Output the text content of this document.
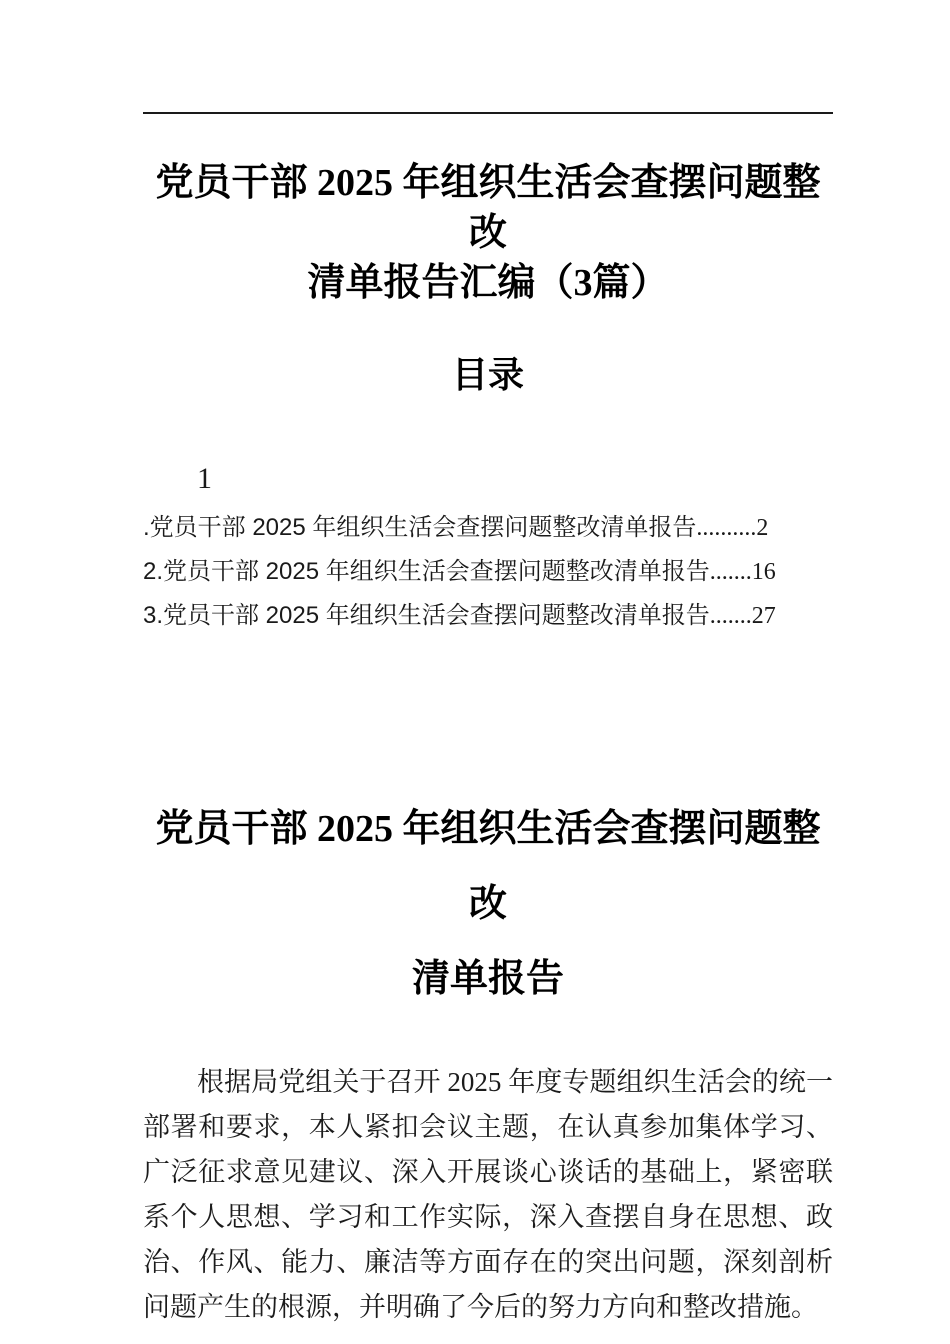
党员干部 2025 年组织生活会查摆问题整改
清单报告汇编（3篇）
目录
1
.党员干部 2025 年组织生活会查摆问题整改清单报告..........2
2.党员干部 2025 年组织生活会查摆问题整改清单报告.......16
3.党员干部 2025 年组织生活会查摆问题整改清单报告.......27
党员干部 2025 年组织生活会查摆问题整改
清单报告

根据局党组关于召开 2025 年度专题组织生活会的统一部署和要求，本人紧扣会议主题，在认真参加集体学习、广泛征求意见建议、深入开展谈心谈话的基础上，紧密联系个人思想、学习和工作实际，深入查摆自身在思想、政治、作风、能力、廉洁等方面存在的突出问题，深刻剖析问题产生的根源，并明确了今后的努力方向和整改措施。
